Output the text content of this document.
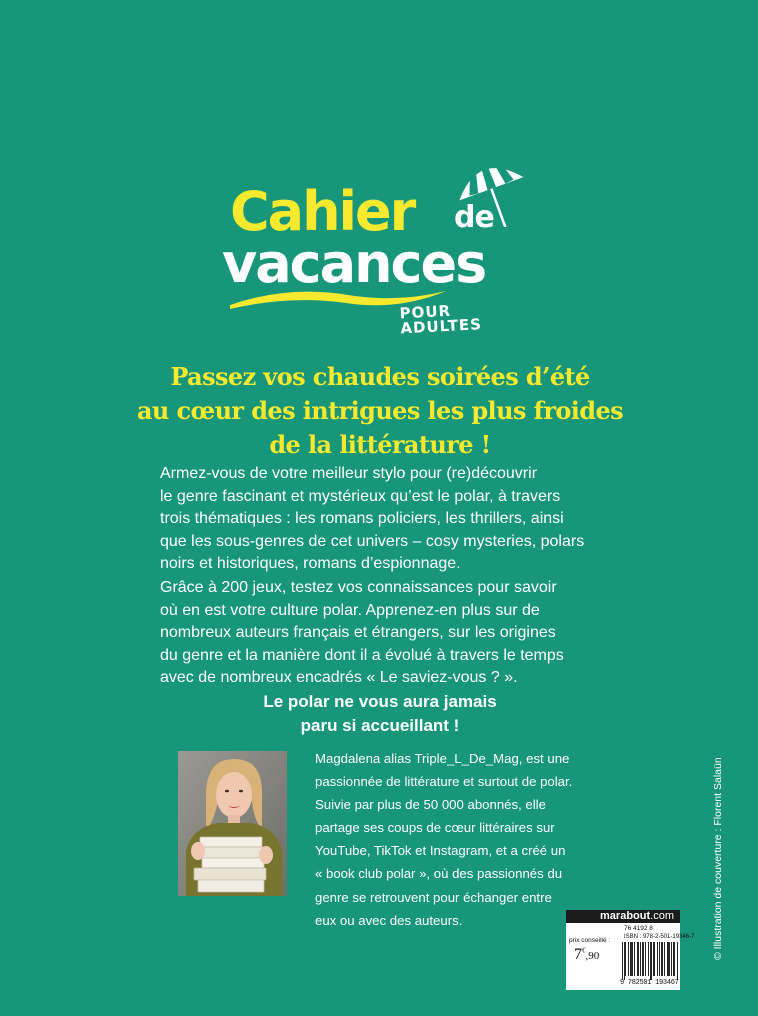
Cahier de
vacances
POUR ADULTES
Passez vos chaudes soirées d’été
au cœur des intrigues les plus froides
de la littérature !
Armez-vous de votre meilleur stylo pour (re)découvrir
le genre fascinant et mystérieux qu’est le polar, à travers
trois thématiques : les romans policiers, les thrillers, ainsi
que les sous-genres de cet univers – cosy mysteries, polars
noirs et historiques, romans d’espionnage.
Grâce à 200 jeux, testez vos connaissances pour savoir
où en est votre culture polar. Apprenez-en plus sur de
nombreux auteurs français et étrangers, sur les origines
du genre et la manière dont il a évolué à travers le temps
avec de nombreux encadrés « Le saviez-vous ? ».
Le polar ne vous aura jamais
paru si accueillant !
Magdalena alias Triple_L_De_Mag, est une
passionnée de littérature et surtout de polar.
Suivie par plus de 50 000 abonnés, elle
partage ses coups de cœur littéraires sur
YouTube, TikTok et Instagram, et a créé un
« book club polar », où des passionnés du
genre se retrouvent pour échanger entre
eux ou avec des auteurs.	© Illustration de couverture : Florent Salaün
marabout.com
76 4192 8
prix conseillé : ISBN : 978-2-501-19346-7
7€,90
9 782501 193467
